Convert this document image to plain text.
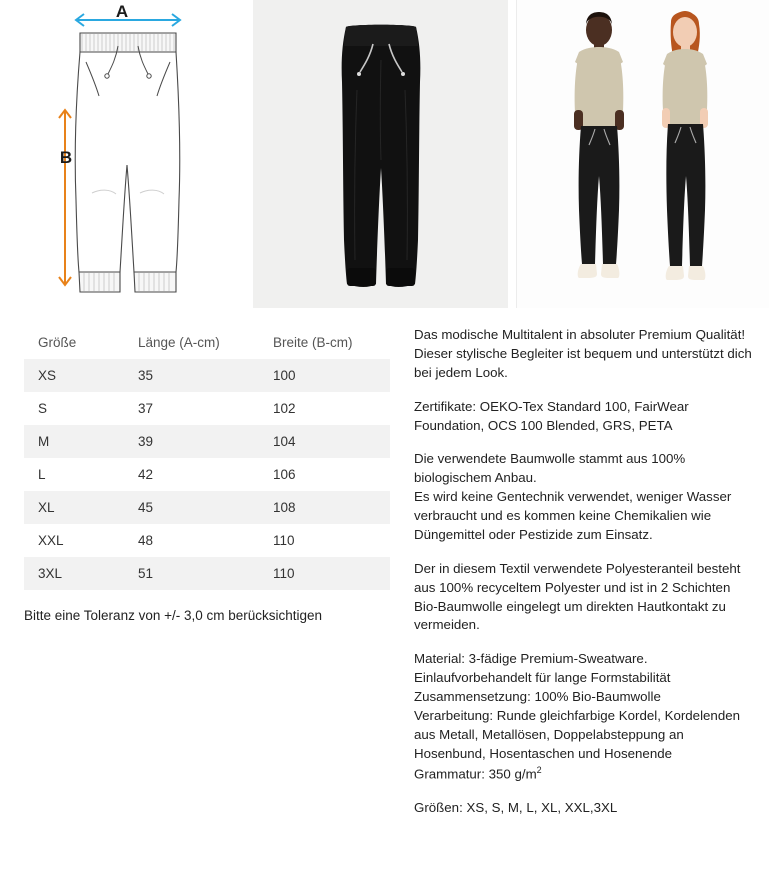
A
B
Größe	Länge (A-cm)	Breite (B-cm)
XS	35	100
S	37	102
M	39	104
L	42	106
XL	45	108
XXL	48	110
3XL	51	110
Bitte eine Toleranz von +/- 3,0 cm berücksichtigen

Das modische Multitalent in absoluter Premium Qualität! Dieser stylische Begleiter ist bequem und unterstützt dich bei jedem Look.

Zertifikate: OEKO-Tex Standard 100, FairWear Foundation, OCS 100 Blended, GRS, PETA

Die verwendete Baumwolle stammt aus 100% biologischem Anbau.

Es wird keine Gentechnik verwendet, weniger Wasser verbraucht und es kommen keine Chemikalien wie Düngemittel oder Pestizide zum Einsatz.

Der in diesem Textil verwendete Polyesteranteil besteht aus 100% recyceltem Polyester und ist in 2 Schichten Bio-Baumwolle eingelegt um direkten Hautkontakt zu vermeiden.

Material: 3-fädige Premium-Sweatware. Einlaufvorbehandelt für lange Formstabilität
Zusammensetzung: 100% Bio-Baumwolle
Verarbeitung: Runde gleichfarbige Kordel, Kordelenden aus Metall, Metallösen, Doppelabsteppung an Hosenbund, Hosentaschen und Hosenende
Grammatur: 350 $g/m^2$

Größen: XS, S, M, L, XL, XXL,3XL
